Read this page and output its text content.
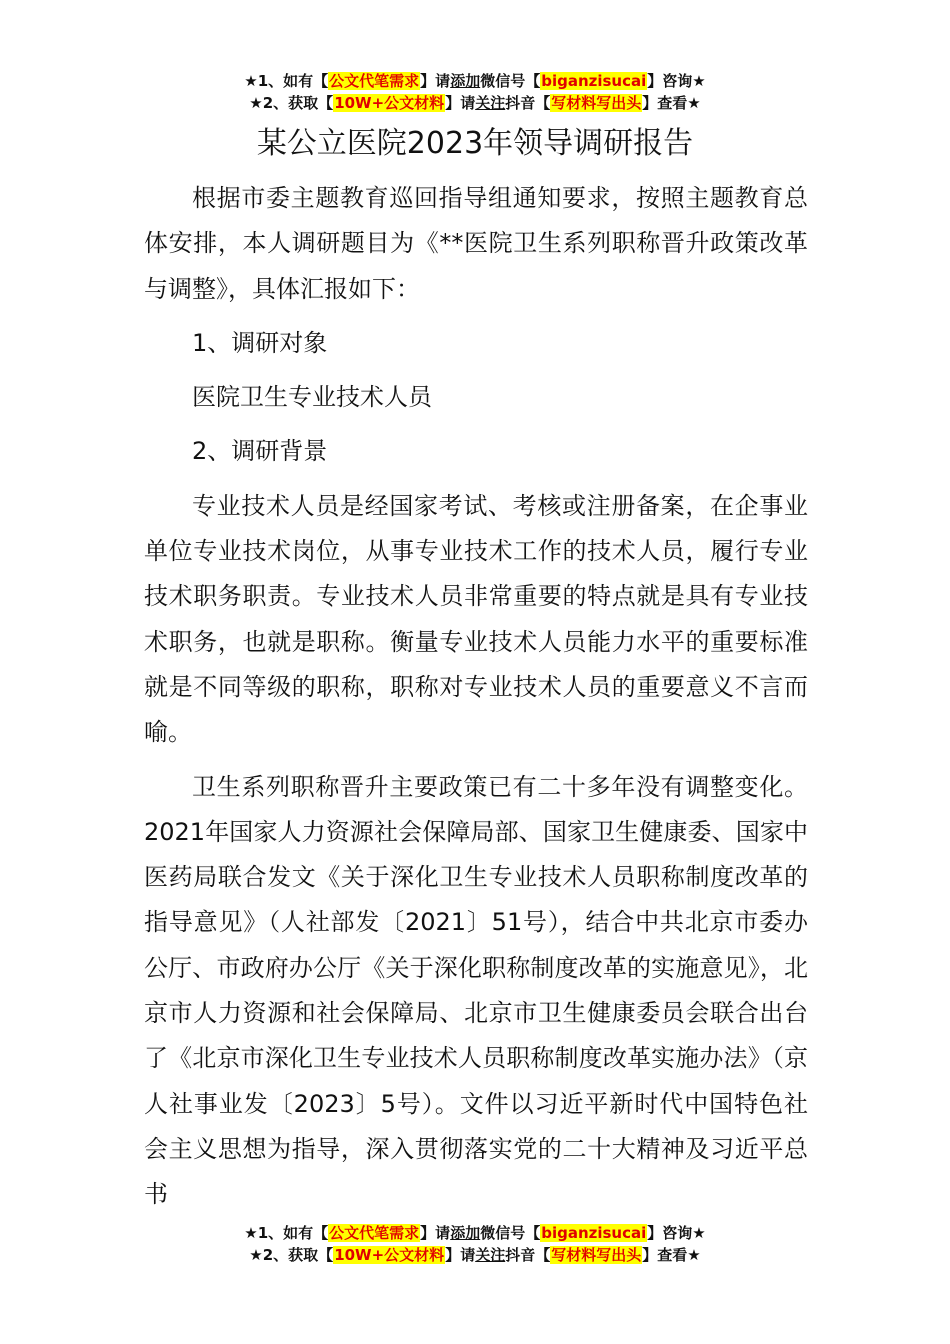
★1、如有【公文代笔需求】请添加微信号【biganzisucai】咨询★
★2、获取【10W+公文材料】请关注抖音【写材料写出头】查看★
某公立医院2023年领导调研报告

根据市委主题教育巡回指导组通知要求，按照主题教育总体安排，本人调研题目为《**医院卫生系列职称晋升政策改革与调整》，具体汇报如下：

1、调研对象

医院卫生专业技术人员

2、调研背景

专业技术人员是经国家考试、考核或注册备案，在企事业单位专业技术岗位，从事专业技术工作的技术人员，履行专业技术职务职责。专业技术人员非常重要的特点就是具有专业技术职务，也就是职称。衡量专业技术人员能力水平的重要标准就是不同等级的职称，职称对专业技术人员的重要意义不言而喻。

卫生系列职称晋升主要政策已有二十多年没有调整变化。2021年国家人力资源社会保障局部、国家卫生健康委、国家中医药局联合发文《关于深化卫生专业技术人员职称制度改革的指导意见》（人社部发〔2021〕51号），结合中共北京市委办公厅、市政府办公厅《关于深化职称制度改革的实施意见》，北京市人力资源和社会保障局、北京市卫生健康委员会联合出台了《北京市深化卫生专业技术人员职称制度改革实施办法》（京人社事业发〔2023〕5号）。文件以习近平新时代中国特色社会主义思想为指导，深入贯彻落实党的二十大精神及习近平总书

★1、如有【公文代笔需求】请添加微信号【biganzisucai】咨询★
★2、获取【10W+公文材料】请关注抖音【写材料写出头】查看★
